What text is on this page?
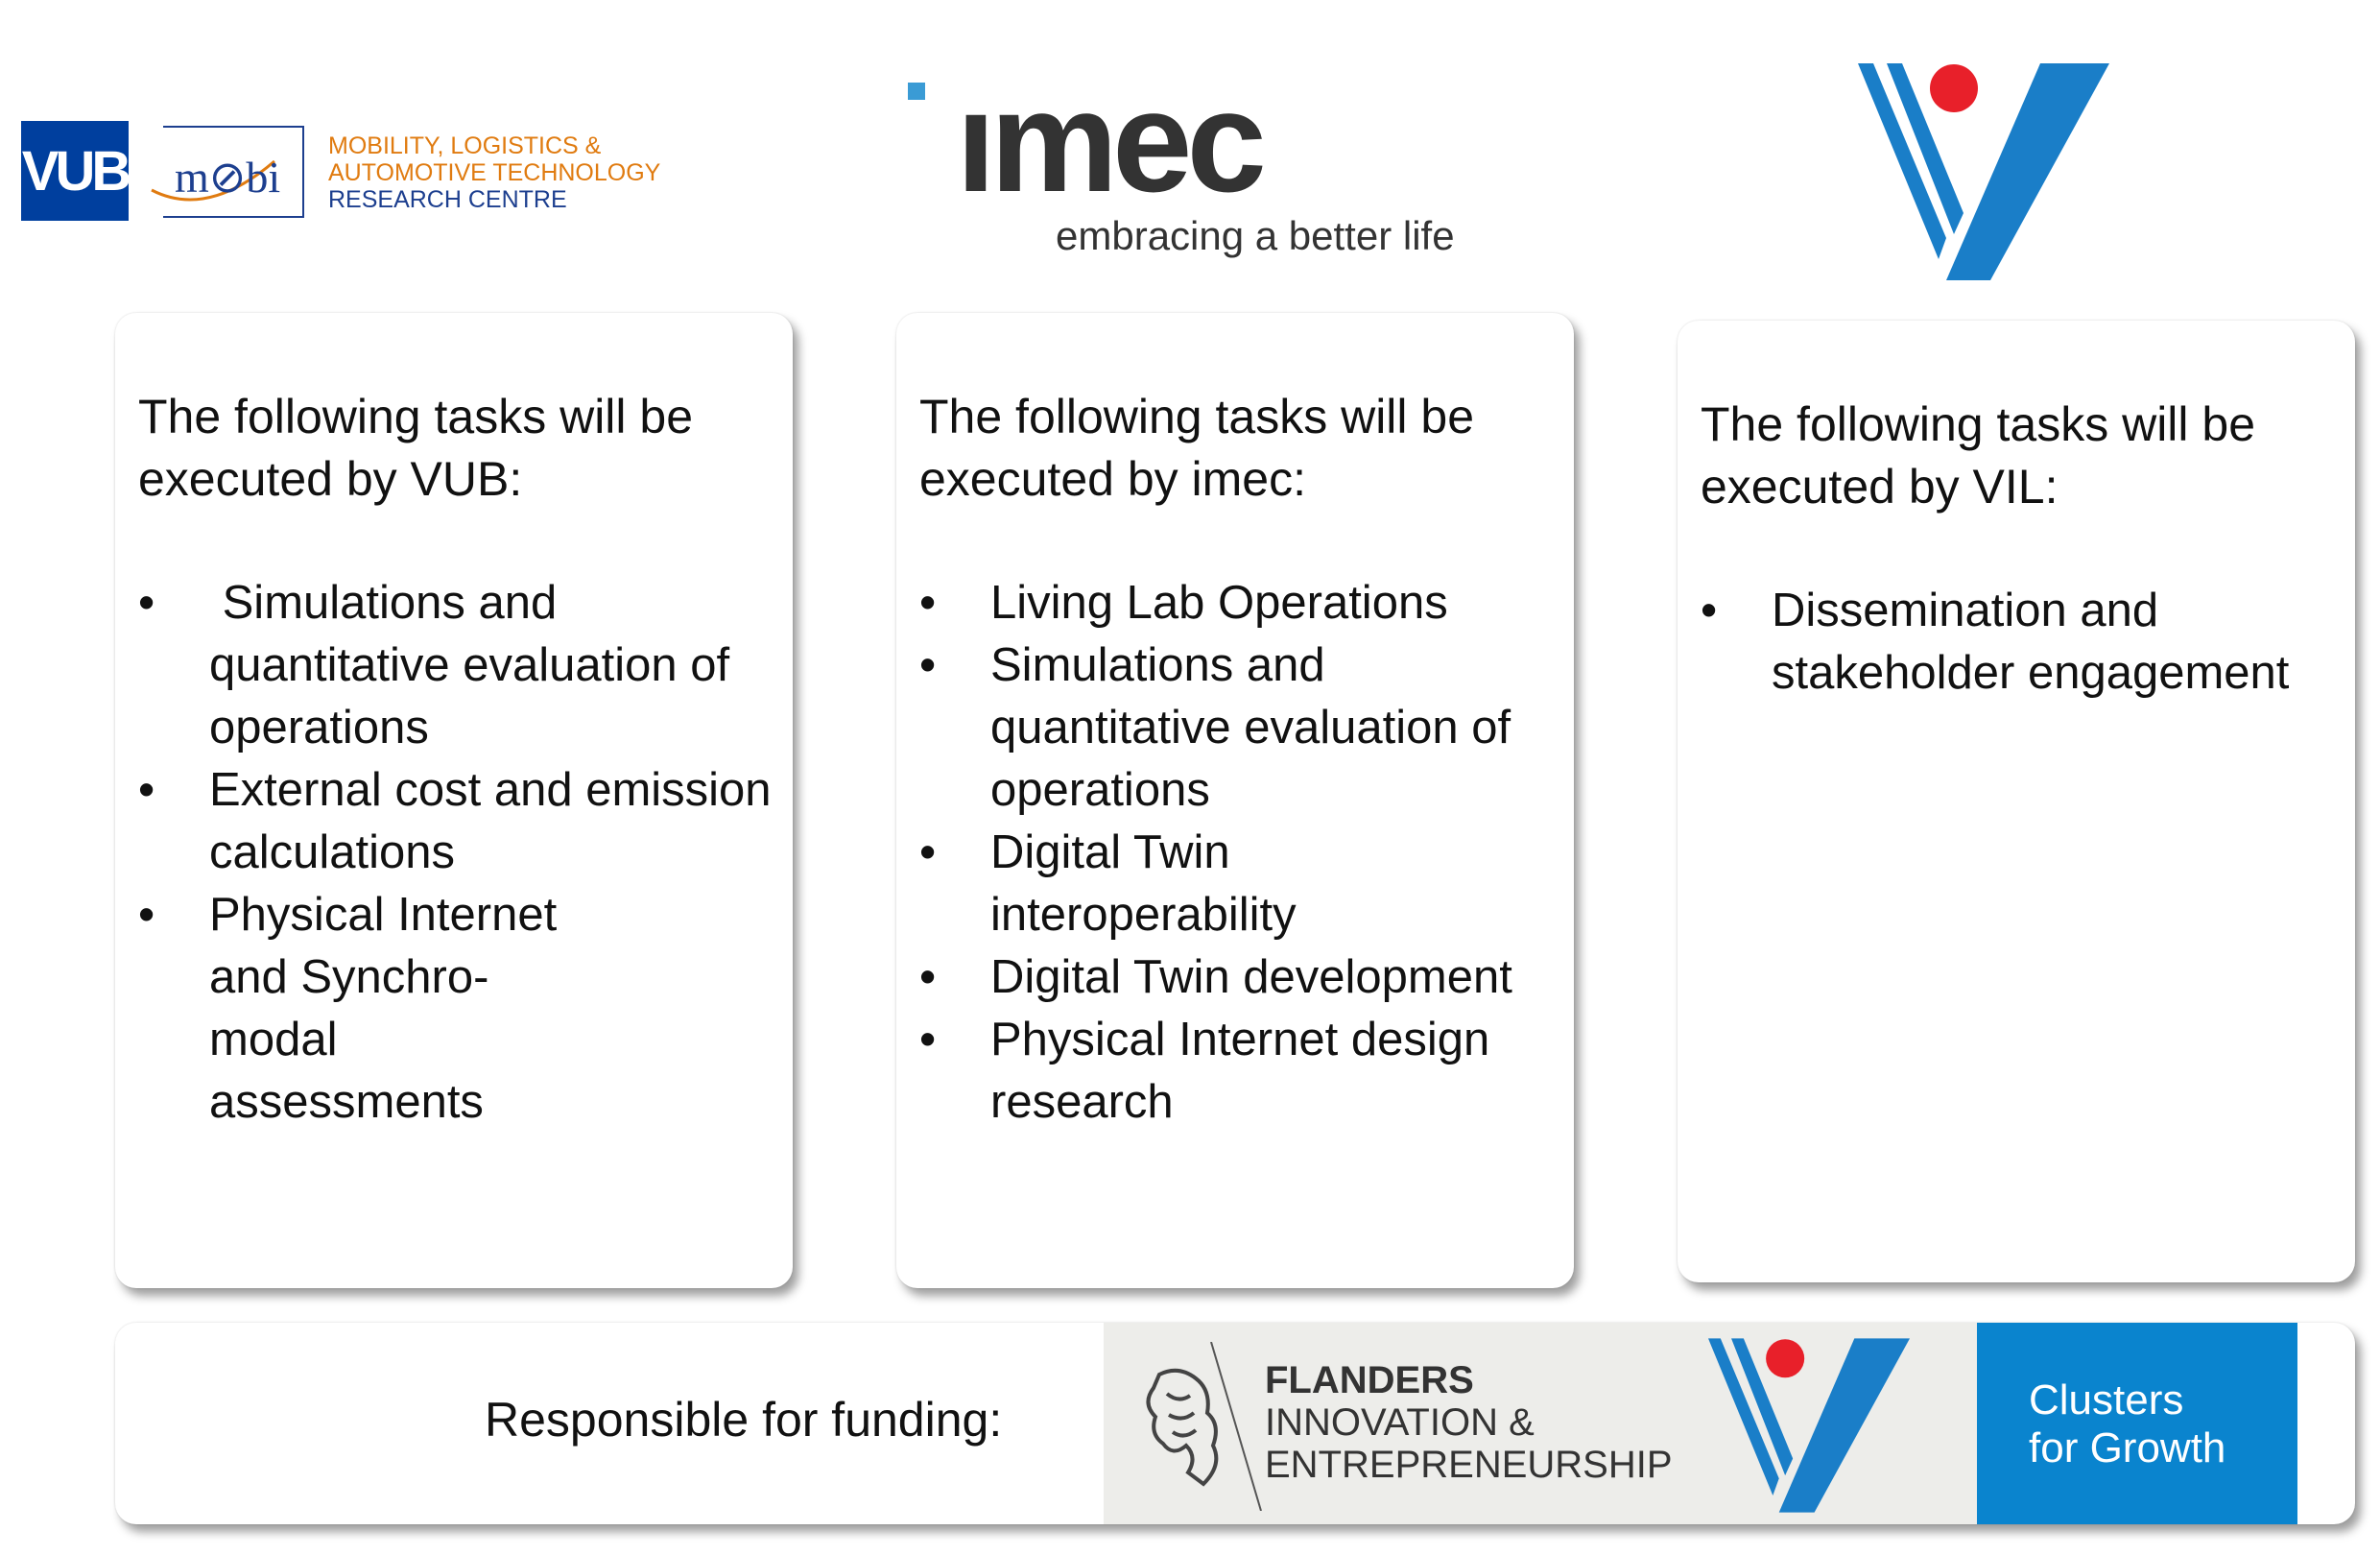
VUB m⊘bi
MOBILITY, LOGISTICS &
AUTOMOTIVE TECHNOLOGY
RESEARCH CENTRE	ımec
embracing a better life
The following tasks will be
executed by VUB:
•  Simulations and quantitative evaluation of operations
• External cost and emission calculations
• Physical Internet and Synchro-modal assessments
The following tasks will be
executed by imec:
• Living Lab Operations
• Simulations and quantitative evaluation of operations
• Digital Twin interoperability
• Digital Twin development
• Physical Internet design research
The following tasks will be
executed by VIL:
• Dissemination and stakeholder engagement
Responsible for funding:
FLANDERS
INNOVATION &
ENTREPRENEURSHIP
Clusters
for Growth
